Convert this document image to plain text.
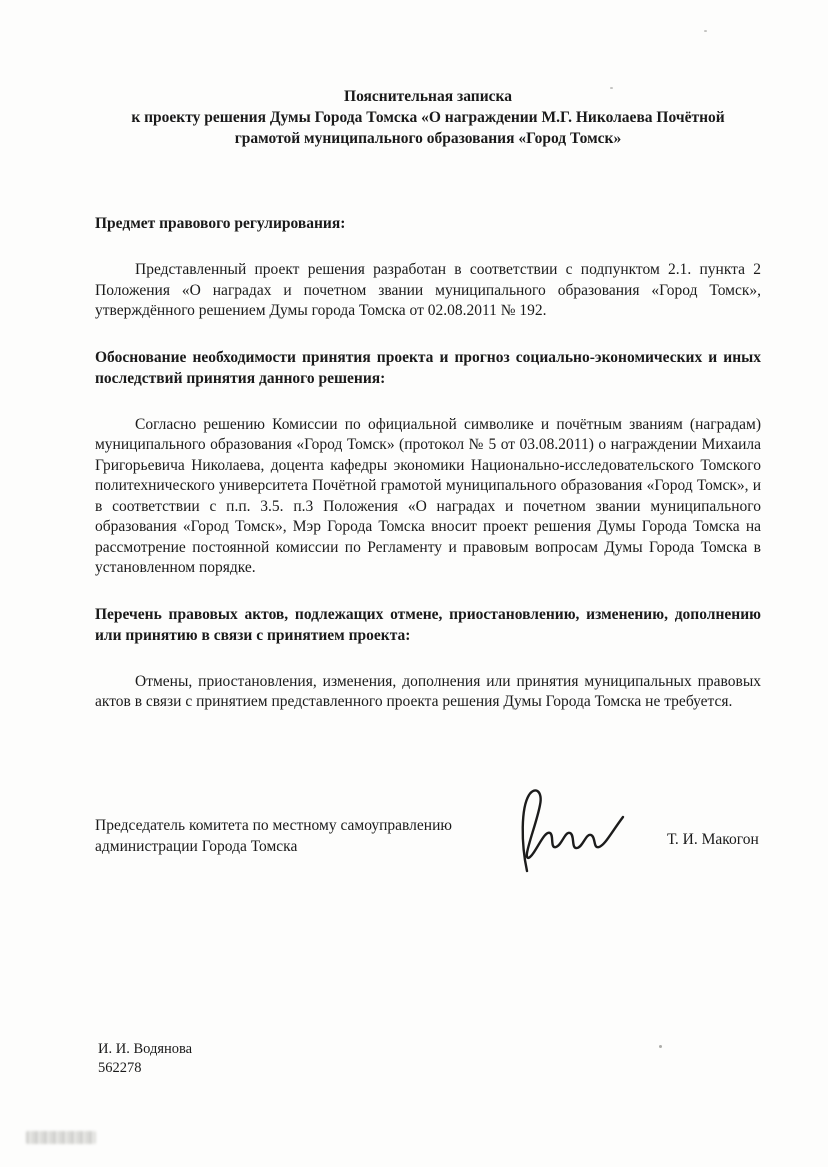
Пояснительная записка
к проекту решения Думы Города Томска «О награждении М.Г. Николаева Почётной
грамотой муниципального образования «Город Томск»
Предмет правового регулирования:

Представленный проект решения разработан в соответствии с подпунктом 2.1. пункта 2 Положения «О наградах и почетном звании муниципального образования «Город Томск», утверждённого решением Думы города Томска от 02.08.2011 № 192.

Обоснование необходимости принятия проекта и прогноз социально-экономических и иных последствий принятия данного решения:

Согласно решению Комиссии по официальной символике и почётным званиям (наградам) муниципального образования «Город Томск» (протокол № 5 от 03.08.2011) о награждении Михаила Григорьевича Николаева, доцента кафедры экономики Национально-исследовательского Томского политехнического университета Почётной грамотой муниципального образования «Город Томск», и в соответствии с п.п. 3.5. п.3 Положения «О наградах и почетном звании муниципального образования «Город Томск», Мэр Города Томска вносит проект решения Думы Города Томска на рассмотрение постоянной комиссии по Регламенту и правовым вопросам Думы Города Томска в установленном порядке.

Перечень правовых актов, подлежащих отмене, приостановлению, изменению, дополнению или принятию в связи с принятием проекта:

Отмены, приостановления, изменения, дополнения или принятия муниципальных правовых актов в связи с принятием представленного проекта решения Думы Города Томска не требуется.

Председатель комитета по местному самоуправлению
администрации Города Томска	Т. И. Макогон
И. И. Водянова
562278
